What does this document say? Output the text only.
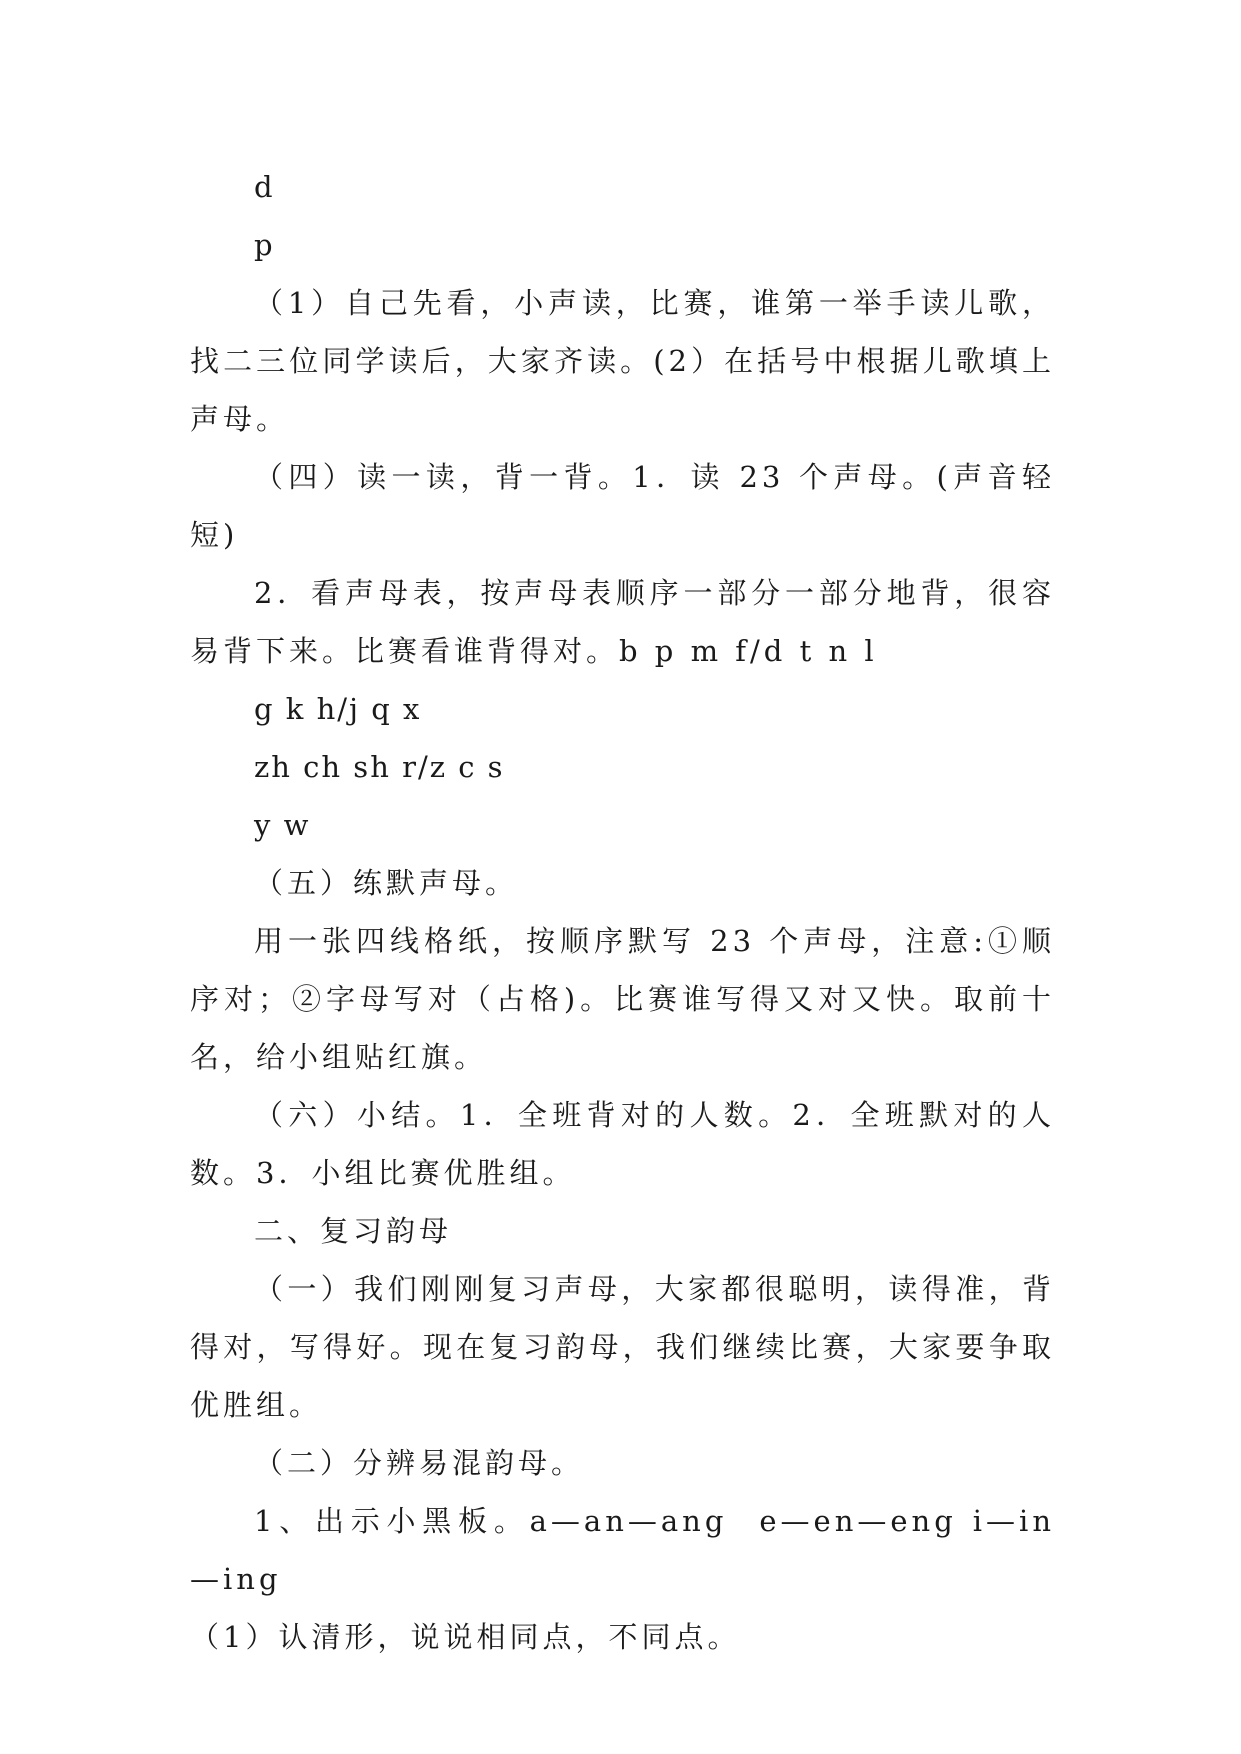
d

p

（1）自己先看，小声读，比赛，谁第一举手读儿歌，找二三位同学读后，大家齐读。(2）在括号中根据儿歌填上声母。

（四）读一读，背一背。1．读 23 个声母。(声音轻短)

2．看声母表，按声母表顺序一部分一部分地背，很容易背下来。比赛看谁背得对。b p m f/d t n l

g k h/j q x

zh ch sh r/z c s

y w

（五）练默声母。

用一张四线格纸，按顺序默写 23 个声母，注意:①顺序对；②字母写对（占格)。比赛谁写得又对又快。取前十名，给小组贴红旗。

（六）小结。1．全班背对的人数。2．全班默对的人数。3．小组比赛优胜组。

二、复习韵母

（一）我们刚刚复习声母，大家都很聪明，读得准，背得对，写得好。现在复习韵母，我们继续比赛，大家要争取优胜组。

（二）分辨易混韵母。

1、出示小黑板。a—an—ang  e—en—eng i—in—ing

（1）认清形，说说相同点，不同点。
